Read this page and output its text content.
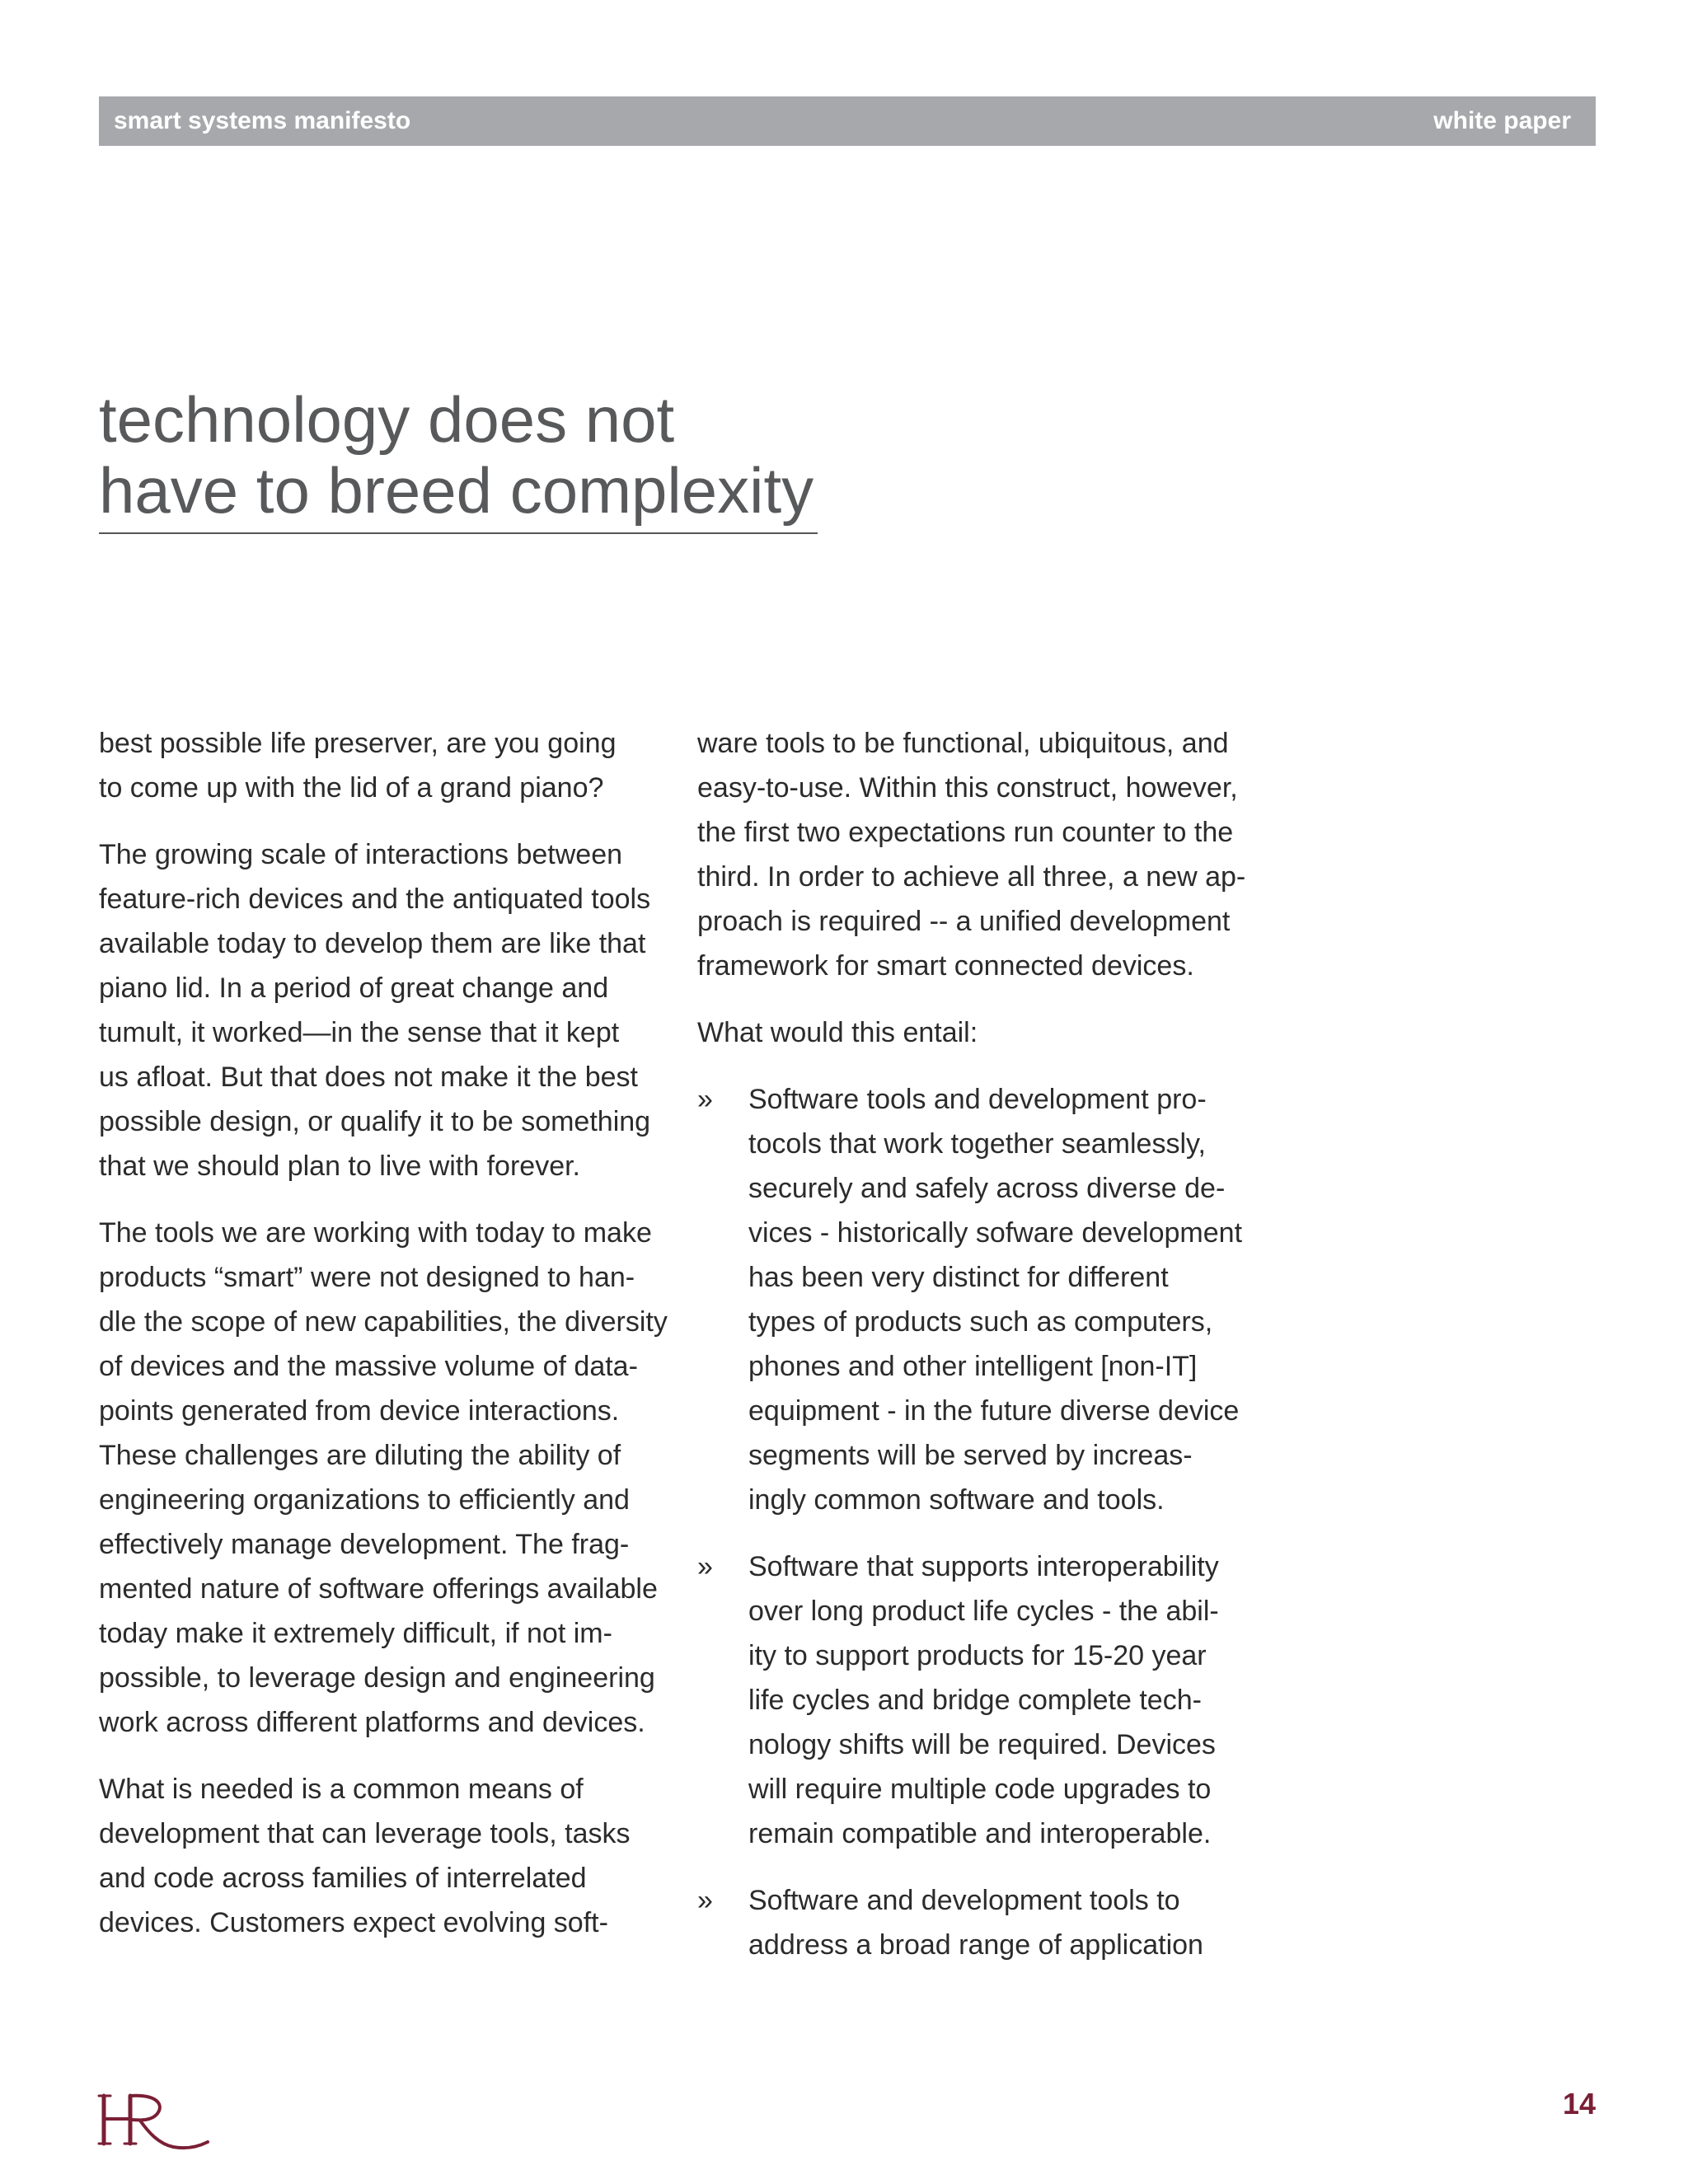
smart systems manifesto	white paper
technology does not
have to breed complexity
best possible life preserver, are you going
to come up with the lid of a grand piano?
The growing scale of interactions between
feature-rich devices and the antiquated tools
available today to develop them are like that
piano lid. In a period of great change and
tumult, it worked—in the sense that it kept
us afloat. But that does not make it the best
possible design, or qualify it to be something
that we should plan to live with forever.
The tools we are working with today to make
products “smart” were not designed to han-
dle the scope of new capabilities, the diversity
of devices and the massive volume of data-
points generated from device interactions.
These challenges are diluting the ability of
engineering organizations to efficiently and
effectively manage development. The frag-
mented nature of software offerings available
today make it extremely difficult, if not im-
possible, to leverage design and engineering
work across different platforms and devices.
What is needed is a common means of
development that can leverage tools, tasks
and code across families of interrelated
devices. Customers expect evolving soft-
ware tools to be functional, ubiquitous, and
easy-to-use. Within this construct, however,
the first two expectations run counter to the
third. In order to achieve all three, a new ap-
proach is required -- a unified development
framework for smart connected devices.
What would this entail:
» Software tools and development pro-
tocols that work together seamlessly,
securely and safely across diverse de-
vices - historically sofware development
has been very distinct for different
types of products such as computers,
phones and other intelligent [non-IT]
equipment - in the future diverse device
segments will be served by increas-
ingly common software and tools.
» Software that supports interoperability
over long product life cycles - the abil-
ity to support products for 15-20 year
life cycles and bridge complete tech-
nology shifts will be required. Devices
will require multiple code upgrades to
remain compatible and interoperable.
» Software and development tools to
address a broad range of application
14
